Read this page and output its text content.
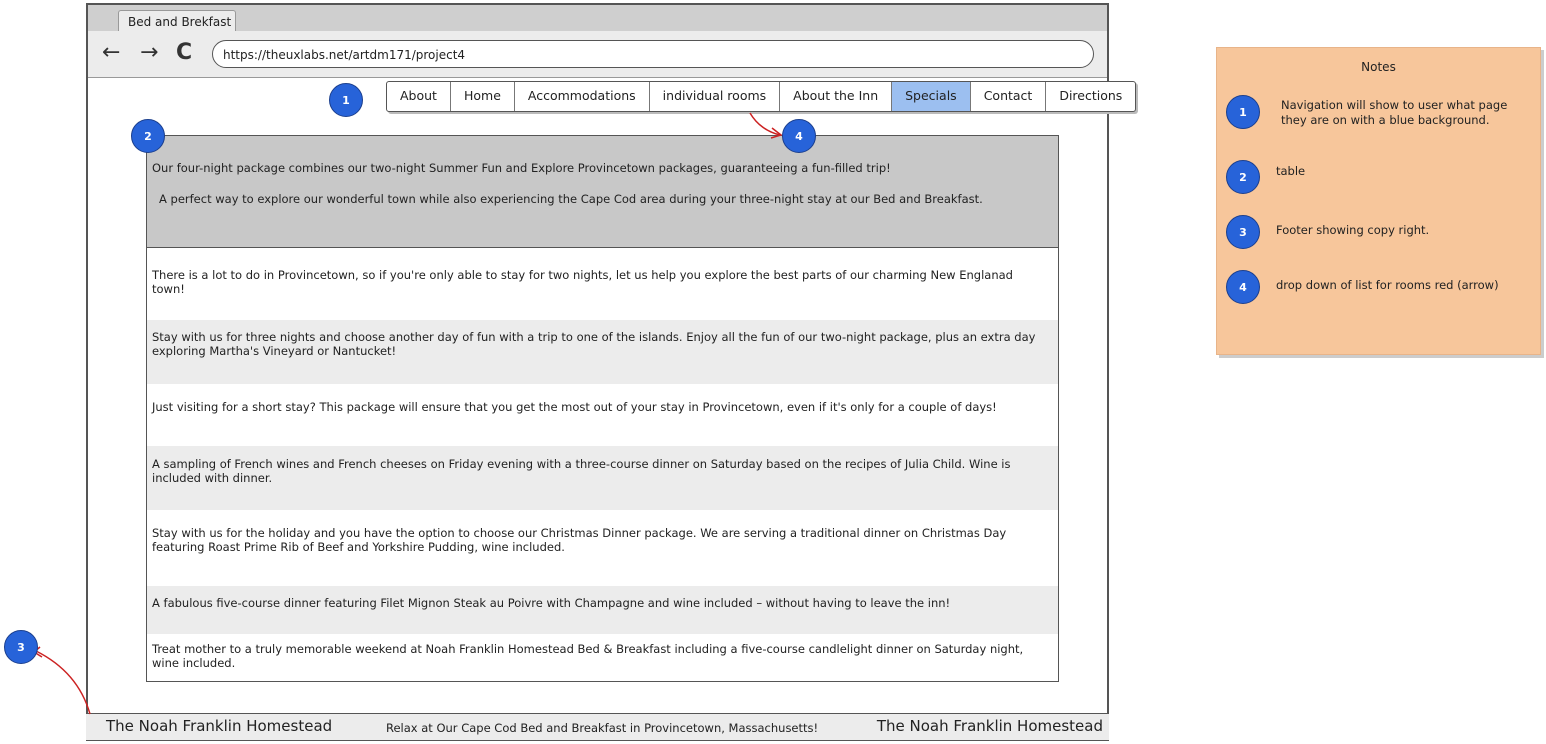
Bed and Brekfast
← → C	https://theuxlabs.net/artdm171/project4
About	Home	Accommodations	individual rooms	About the Inn	Specials	Contact	Directions
Our four-night package combines our two-night Summer Fun and Explore Provincetown packages, guaranteeing a fun-filled trip!
A perfect way to explore our wonderful town while also experiencing the Cape Cod area during your three-night stay at our Bed and Breakfast.
There is a lot to do in Provincetown, so if you're only able to stay for two nights, let us help you explore the best parts of our charming New Englanad town!
Stay with us for three nights and choose another day of fun with a trip to one of the islands. Enjoy all the fun of our two-night package, plus an extra day exploring Martha's Vineyard or Nantucket!
Just visiting for a short stay? This package will ensure that you get the most out of your stay in Provincetown, even if it's only for a couple of days!
A sampling of French wines and French cheeses on Friday evening with a three-course dinner on Saturday based on the recipes of Julia Child. Wine is included with dinner.
Stay with us for the holiday and you have the option to choose our Christmas Dinner package. We are serving a traditional dinner on Christmas Day featuring Roast Prime Rib of Beef and Yorkshire Pudding, wine included.
A fabulous five-course dinner featuring Filet Mignon Steak au Poivre with Champagne and wine included – without having to leave the inn!
Treat mother to a truly memorable weekend at Noah Franklin Homestead Bed & Breakfast including a five-course candlelight dinner on Saturday night, wine included.
The Noah Franklin Homestead	Relax at Our Cape Cod Bed and Breakfast in Provincetown, Massachusetts!	The Noah Franklin Homestead
1
2
3
4
Notes
1
Navigation will show to user what page they are on with a blue background.
2	table
3	Footer showing copy right.
4	drop down of list for rooms red (arrow)
